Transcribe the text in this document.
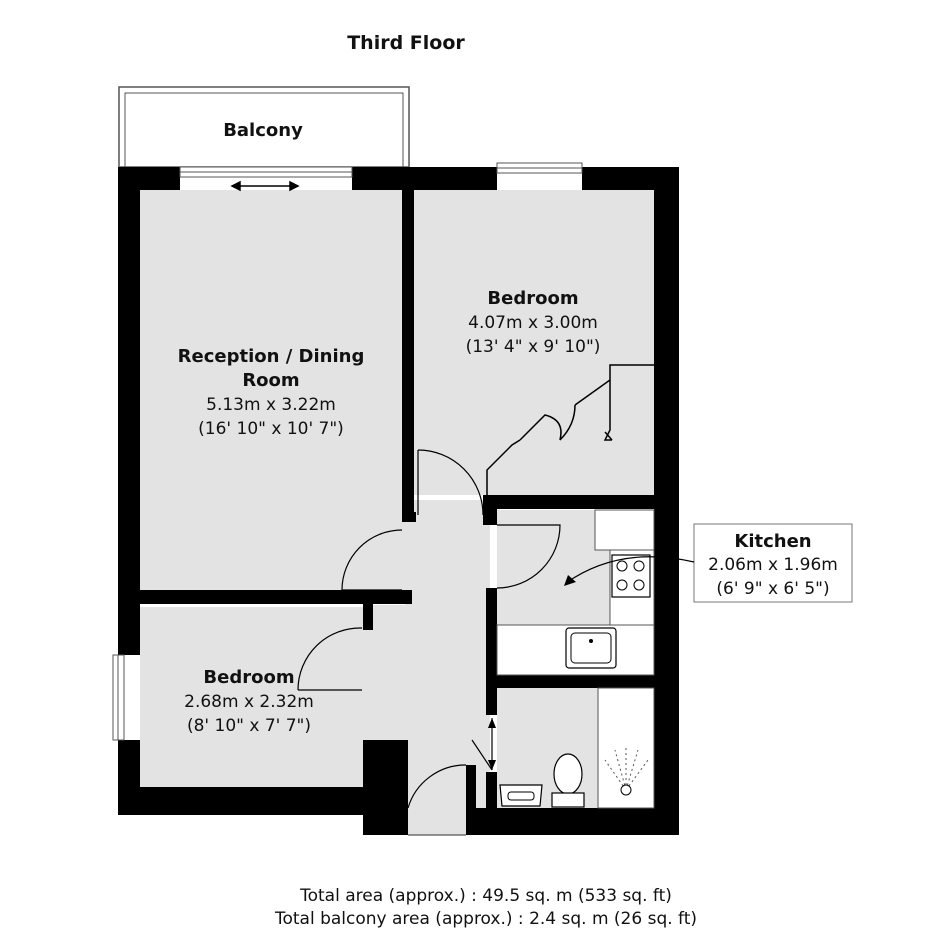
Third Floor
Balcony
Reception / Dining
Room
5.13m x 3.22m
(16' 10" x 10' 7")
Bedroom
4.07m x 3.00m
(13' 4" x 9' 10")
Kitchen
2.06m x 1.96m
(6' 9" x 6' 5")
Bedroom
2.68m x 2.32m
(8' 10" x 7' 7")
Total area (approx.) : 49.5 sq. m (533 sq. ft)
Total balcony area (approx.) : 2.4 sq. m (26 sq. ft)
